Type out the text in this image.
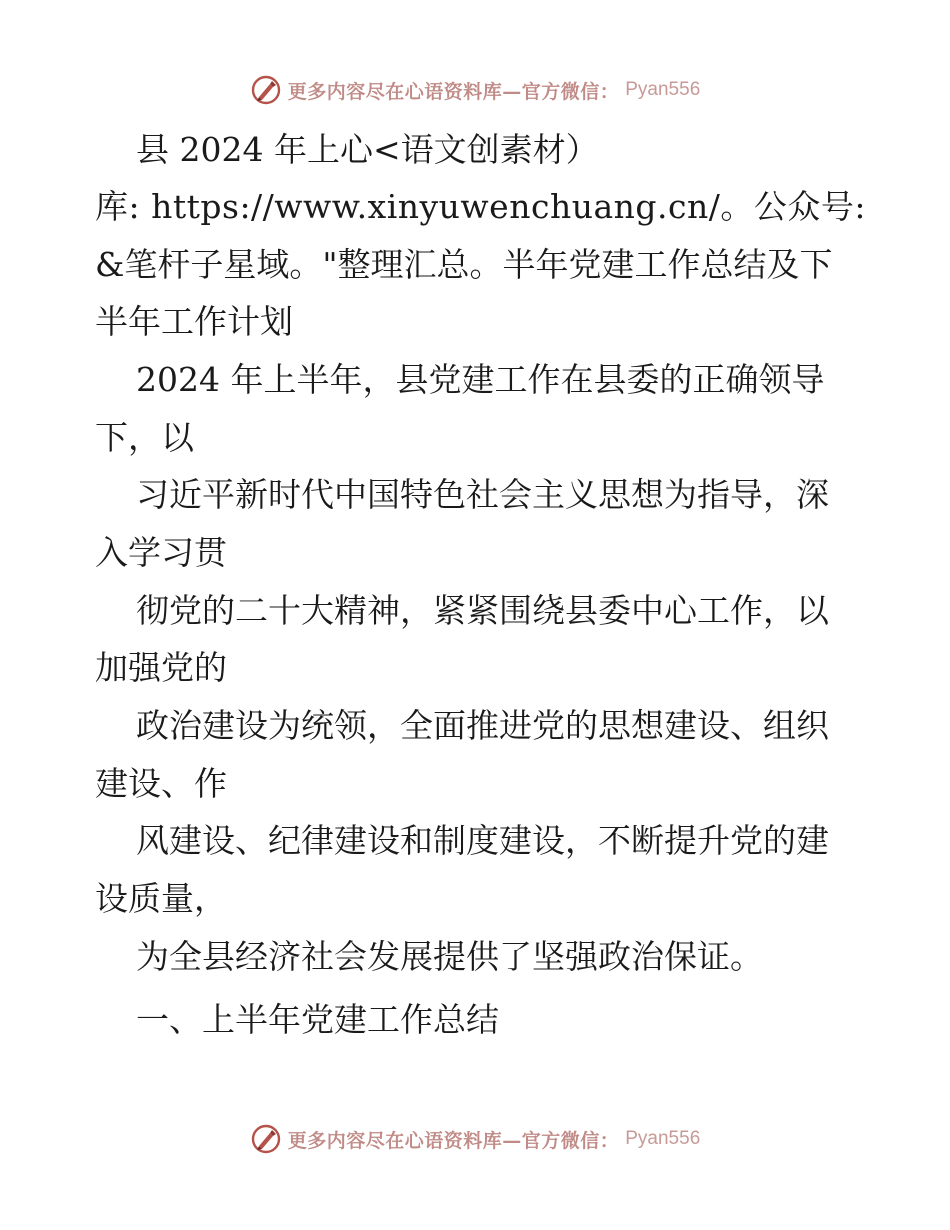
更多内容尽在心语资料库—官方微信： Pyan556
县 2024 年上心<语文创素材）
库: https://www.xinyuwenchuang.cn/。公众号:
&笔杆子星域。"整理汇总。半年党建工作总结及下
半年工作计划
2024 年上半年，县党建工作在县委的正确领导
下，以
习近平新时代中国特色社会主义思想为指导，深
入学习贯
彻党的二十大精神，紧紧围绕县委中心工作，以
加强党的
政治建设为统领，全面推进党的思想建设、组织
建设、作
风建设、纪律建设和制度建设，不断提升党的建
设质量，
为全县经济社会发展提供了坚强政治保证。
一、上半年党建工作总结
更多内容尽在心语资料库—官方微信： Pyan556
